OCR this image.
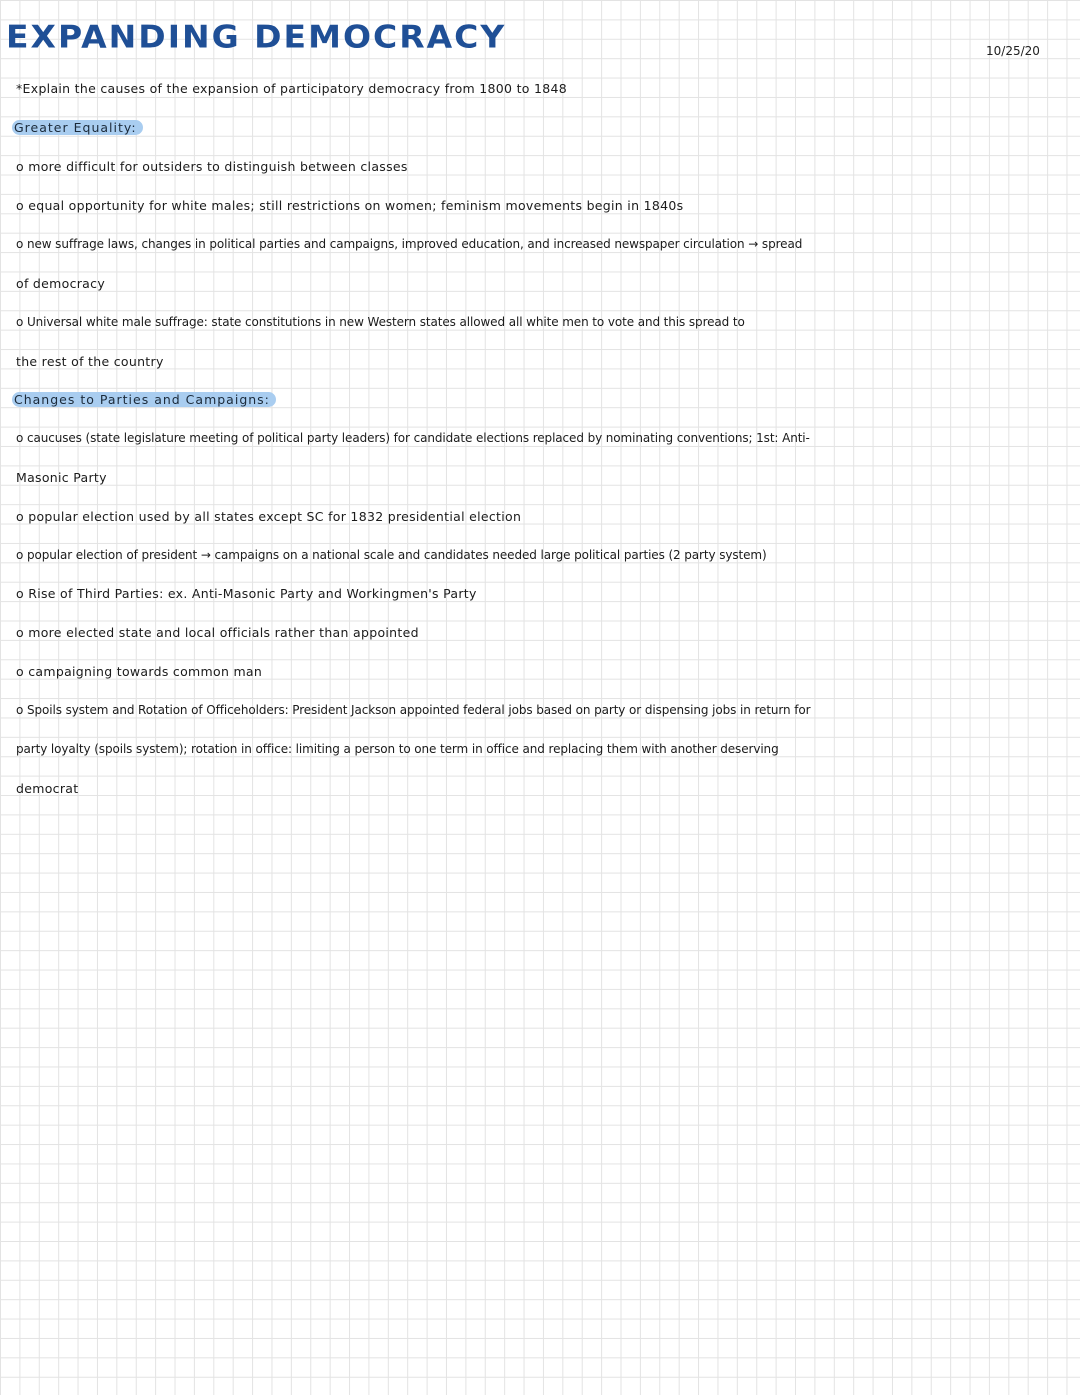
EXPANDING DEMOCRACY	10/25/20
*Explain the causes of the expansion of participatory democracy from 1800 to 1848
Greater Equality:
o more difficult for outsiders to distinguish between classes
o equal opportunity for white males; still restrictions on women; feminism movements begin in 1840s
o new suffrage laws, changes in political parties and campaigns, improved education, and increased newspaper circulation → spread
of democracy
o Universal white male suffrage: state constitutions in new Western states allowed all white men to vote and this spread to
the rest of the country
Changes to Parties and Campaigns:
o caucuses (state legislature meeting of political party leaders) for candidate elections replaced by nominating conventions; 1st: Anti-
Masonic Party
o popular election used by all states except SC for 1832 presidential election
o popular election of president → campaigns on a national scale and candidates needed large political parties (2 party system)
o Rise of Third Parties: ex. Anti-Masonic Party and Workingmen's Party
o more elected state and local officials rather than appointed
o campaigning towards common man
o Spoils system and Rotation of Officeholders: President Jackson appointed federal jobs based on party or dispensing jobs in return for
party loyalty (spoils system); rotation in office: limiting a person to one term in office and replacing them with another deserving
democrat
